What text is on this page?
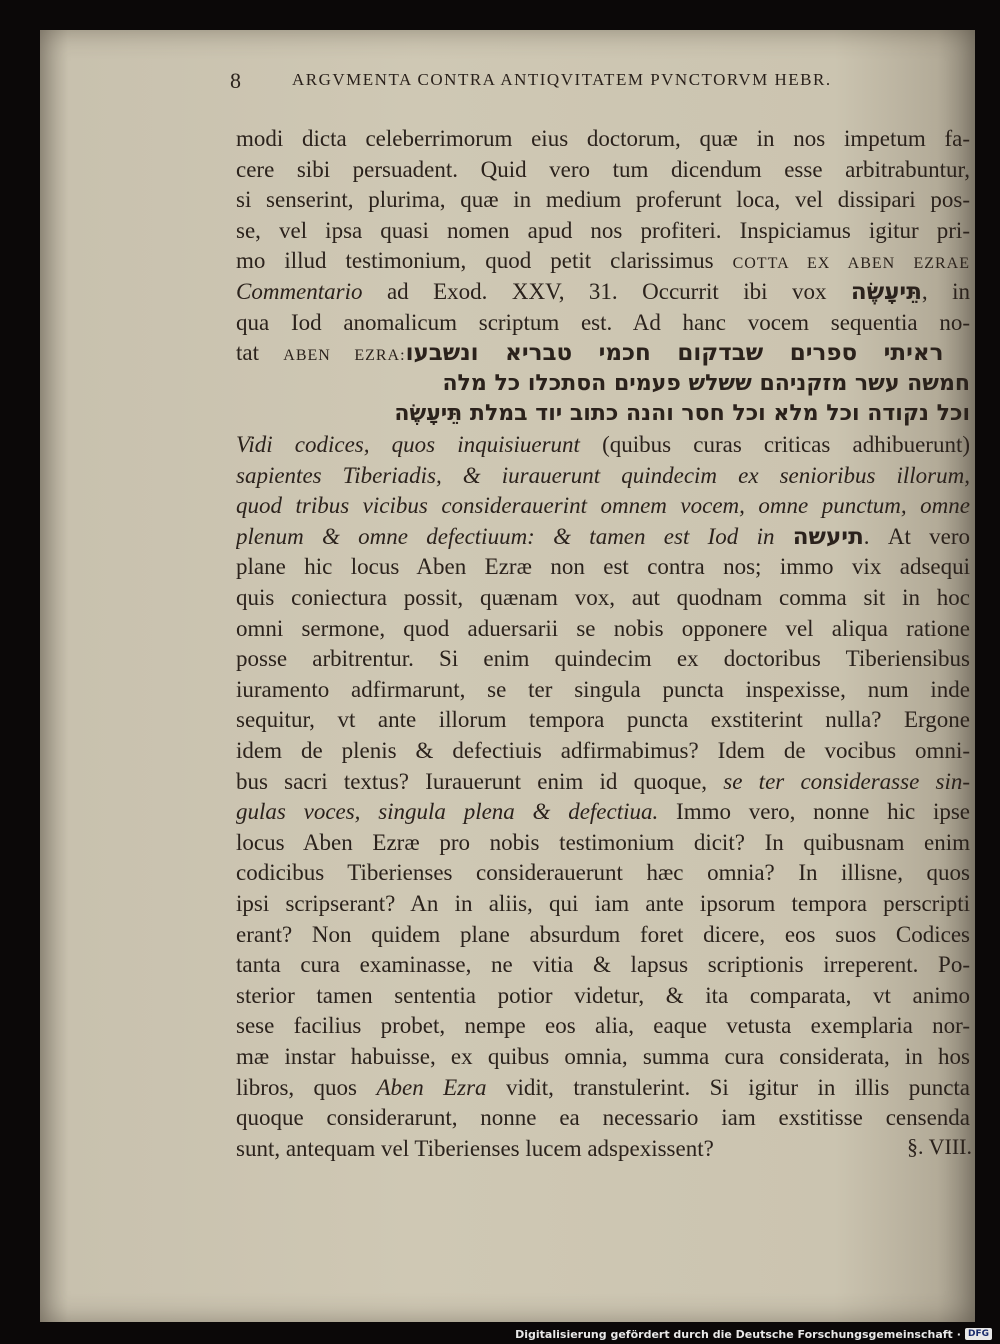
8	ARGVMENTA CONTRA ANTIQVITATEM PVNCTORVM HEBR.
modi dicta celeberrimorum eius doctorum, quæ in nos impetum fa-
cere sibi persuadent. Quid vero tum dicendum esse arbitrabuntur,
si senserint, plurima, quæ in medium proferunt loca, vel dissipari pos-
se, vel ipsa quasi nomen apud nos profiteri. Inspiciamus igitur pri-
mo illud testimonium, quod petit clarissimus COTTA EX ABEN EZRAE
Commentario ad Exod. XXV, 31. Occurrit ibi vox תֵּיעָשֶׂה, in
qua Iod anomalicum scriptum est. Ad hanc vocem sequentia no-
tat ABEN EZRA: ראיתי ספרים שבדקום חכמי טבריא ונשבעו
חמשה עשר מזקניהם ששלש פעמים הסתכלו כל מלה
וכל נקודה וכל מלא וכל חסר והנה כתוב יוד במלת תֵּיעָשֶׂה
Vidi codices, quos inquisiuerunt (quibus curas criticas adhibuerunt)
sapientes Tiberiadis, & iurauerunt quindecim ex senioribus illorum,
quod tribus vicibus considerauerint omnem vocem, omne punctum, omne
plenum & omne defectiuum: & tamen est Iod in תיעשה. At vero
plane hic locus Aben Ezræ non est contra nos; immo vix adsequi
quis coniectura possit, quænam vox, aut quodnam comma sit in hoc
omni sermone, quod aduersarii se nobis opponere vel aliqua ratione
posse arbitrentur. Si enim quindecim ex doctoribus Tiberiensibus
iuramento adfirmarunt, se ter singula puncta inspexisse, num inde
sequitur, vt ante illorum tempora puncta exstiterint nulla? Ergone
idem de plenis & defectiuis adfirmabimus? Idem de vocibus omni-
bus sacri textus? Iurauerunt enim id quoque, se ter considerasse sin-
gulas voces, singula plena & defectiua. Immo vero, nonne hic ipse
locus Aben Ezræ pro nobis testimonium dicit? In quibusnam enim
codicibus Tiberienses considerauerunt hæc omnia? In illisne, quos
ipsi scripserant? An in aliis, qui iam ante ipsorum tempora perscripti
erant? Non quidem plane absurdum foret dicere, eos suos Codices
tanta cura examinasse, ne vitia & lapsus scriptionis irreperent. Po-
sterior tamen sententia potior videtur, & ita comparata, vt animo
sese facilius probet, nempe eos alia, eaque vetusta exemplaria nor-
mæ instar habuisse, ex quibus omnia, summa cura considerata, in hos
libros, quos Aben Ezra vidit, transtulerint. Si igitur in illis puncta
quoque considerarunt, nonne ea necessario iam exstitisse censenda
sunt, antequam vel Tiberienses lucem adspexissent?	§. VIII.
Digitalisierung gefördert durch die Deutsche Forschungsgemeinschaft · DFG
